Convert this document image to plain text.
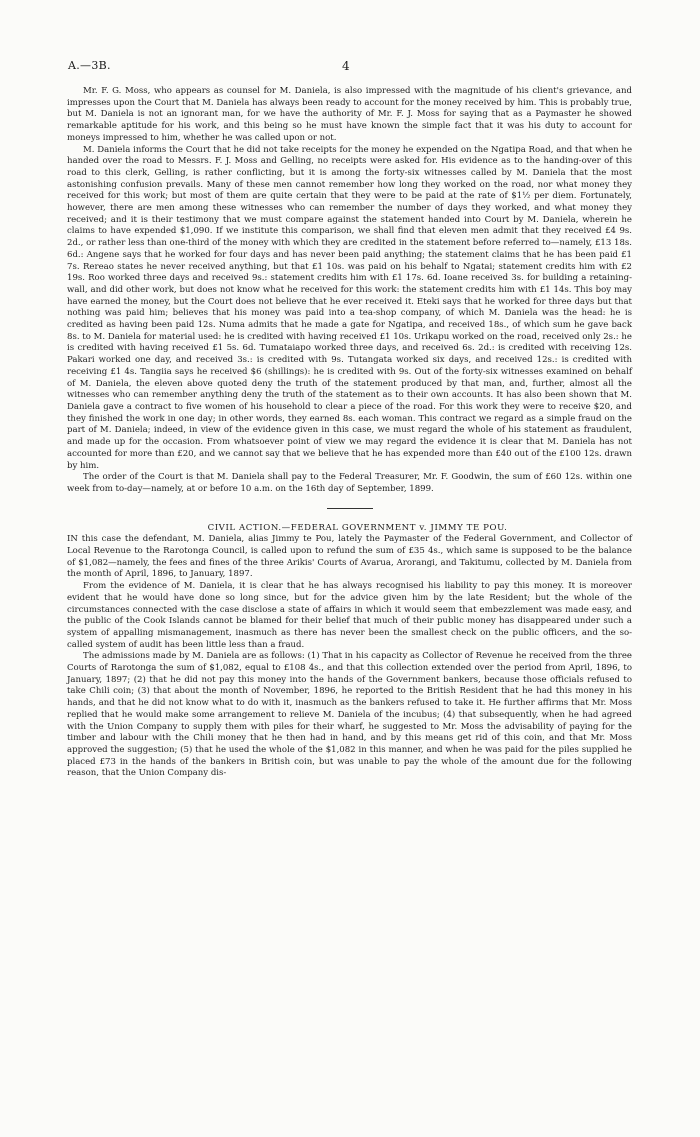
A.—3B.	4

Mr. F. G. Moss, who appears as counsel for M. Daniela, is also impressed with the magnitude of his client's grievance, and impresses upon the Court that M. Daniela has always been ready to account for the money received by him. This is probably true, but M. Daniela is not an ignorant man, for we have the authority of Mr. F. J. Moss for saying that as a Paymaster he showed remarkable aptitude for his work, and this being so he must have known the simple fact that it was his duty to account for moneys impressed to him, whether he was called upon or not.

M. Daniela informs the Court that he did not take receipts for the money he expended on the Ngatipa Road, and that when he handed over the road to Messrs. F. J. Moss and Gelling, no receipts were asked for. His evidence as to the handing-over of this road to this clerk, Gelling, is rather conflicting, but it is among the forty-six witnesses called by M. Daniela that the most astonishing confusion prevails. Many of these men cannot remember how long they worked on the road, nor what money they received for this work; but most of them are quite certain that they were to be paid at the rate of $1½ per diem. Fortunately, however, there are men among these witnesses who can remember the number of days they worked, and what money they received; and it is their testimony that we must compare against the statement handed into Court by M. Daniela, wherein he claims to have expended $1,090. If we institute this comparison, we shall find that eleven men admit that they received £4 9s. 2d., or rather less than one-third of the money with which they are credited in the statement before referred to—namely, £13 18s. 6d.: Angene says that he worked for four days and has never been paid anything; the statement claims that he has been paid £1 7s. Rereao states he never received anything, but that £1 10s. was paid on his behalf to Ngatai; statement credits him with £2 19s. Roo worked three days and received 9s.: statement credits him with £1 17s. 6d. Ioane received 3s. for building a retaining-wall, and did other work, but does not know what he received for this work: the statement credits him with £1 14s. This boy may have earned the money, but the Court does not believe that he ever received it. Eteki says that he worked for three days but that nothing was paid him; believes that his money was paid into a tea-shop company, of which M. Daniela was the head: he is credited as having been paid 12s. Numa admits that he made a gate for Ngatipa, and received 18s., of which sum he gave back 8s. to M. Daniela for material used: he is credited with having received £1 10s. Urikapu worked on the road, received only 2s.: he is credited with having received £1 5s. 6d. Tumataiapo worked three days, and received 6s. 2d.: is credited with receiving 12s. Pakari worked one day, and received 3s.: is credited with 9s. Tutangata worked six days, and received 12s.: is credited with receiving £1 4s. Tangiia says he received $6 (shillings): he is credited with 9s. Out of the forty-six witnesses examined on behalf of M. Daniela, the eleven above quoted deny the truth of the statement produced by that man, and, further, almost all the witnesses who can remember anything deny the truth of the statement as to their own accounts. It has also been shown that M. Daniela gave a contract to five women of his household to clear a piece of the road. For this work they were to receive $20, and they finished the work in one day; in other words, they earned 8s. each woman. This contract we regard as a simple fraud on the part of M. Daniela; indeed, in view of the evidence given in this case, we must regard the whole of his statement as fraudulent, and made up for the occasion. From whatsoever point of view we may regard the evidence it is clear that M. Daniela has not accounted for more than £20, and we cannot say that we believe that he has expended more than £40 out of the £100 12s. drawn by him.

The order of the Court is that M. Daniela shall pay to the Federal Treasurer, Mr. F. Goodwin, the sum of £60 12s. within one week from to-day—namely, at or before 10 a.m. on the 16th day of September, 1899.

CIVIL ACTION.—FEDERAL GOVERNMENT v. JIMMY TE POU.

IN this case the defendant, M. Daniela, alias Jimmy te Pou, lately the Paymaster of the Federal Government, and Collector of Local Revenue to the Rarotonga Council, is called upon to refund the sum of £35 4s., which same is supposed to be the balance of $1,082—namely, the fees and fines of the three Arikis' Courts of Avarua, Arorangi, and Takitumu, collected by M. Daniela from the month of April, 1896, to January, 1897.

From the evidence of M. Daniela, it is clear that he has always recognised his liability to pay this money. It is moreover evident that he would have done so long since, but for the advice given him by the late Resident; but the whole of the circumstances connected with the case disclose a state of affairs in which it would seem that embezzlement was made easy, and the public of the Cook Islands cannot be blamed for their belief that much of their public money has disappeared under such a system of appalling mismanagement, inasmuch as there has never been the smallest check on the public officers, and the so-called system of audit has been little less than a fraud.

The admissions made by M. Daniela are as follows: (1) That in his capacity as Collector of Revenue he received from the three Courts of Rarotonga the sum of $1,082, equal to £108 4s., and that this collection extended over the period from April, 1896, to January, 1897; (2) that he did not pay this money into the hands of the Government bankers, because those officials refused to take Chili coin; (3) that about the month of November, 1896, he reported to the British Resident that he had this money in his hands, and that he did not know what to do with it, inasmuch as the bankers refused to take it. He further affirms that Mr. Moss replied that he would make some arrangement to relieve M. Daniela of the incubus; (4) that subsequently, when he had agreed with the Union Company to supply them with piles for their wharf, he suggested to Mr. Moss the advisability of paying for the timber and labour with the Chili money that he then had in hand, and by this means get rid of this coin, and that Mr. Moss approved the suggestion; (5) that he used the whole of the $1,082 in this manner, and when he was paid for the piles supplied he placed £73 in the hands of the bankers in British coin, but was unable to pay the whole of the amount due for the following reason, that the Union Company dis-
